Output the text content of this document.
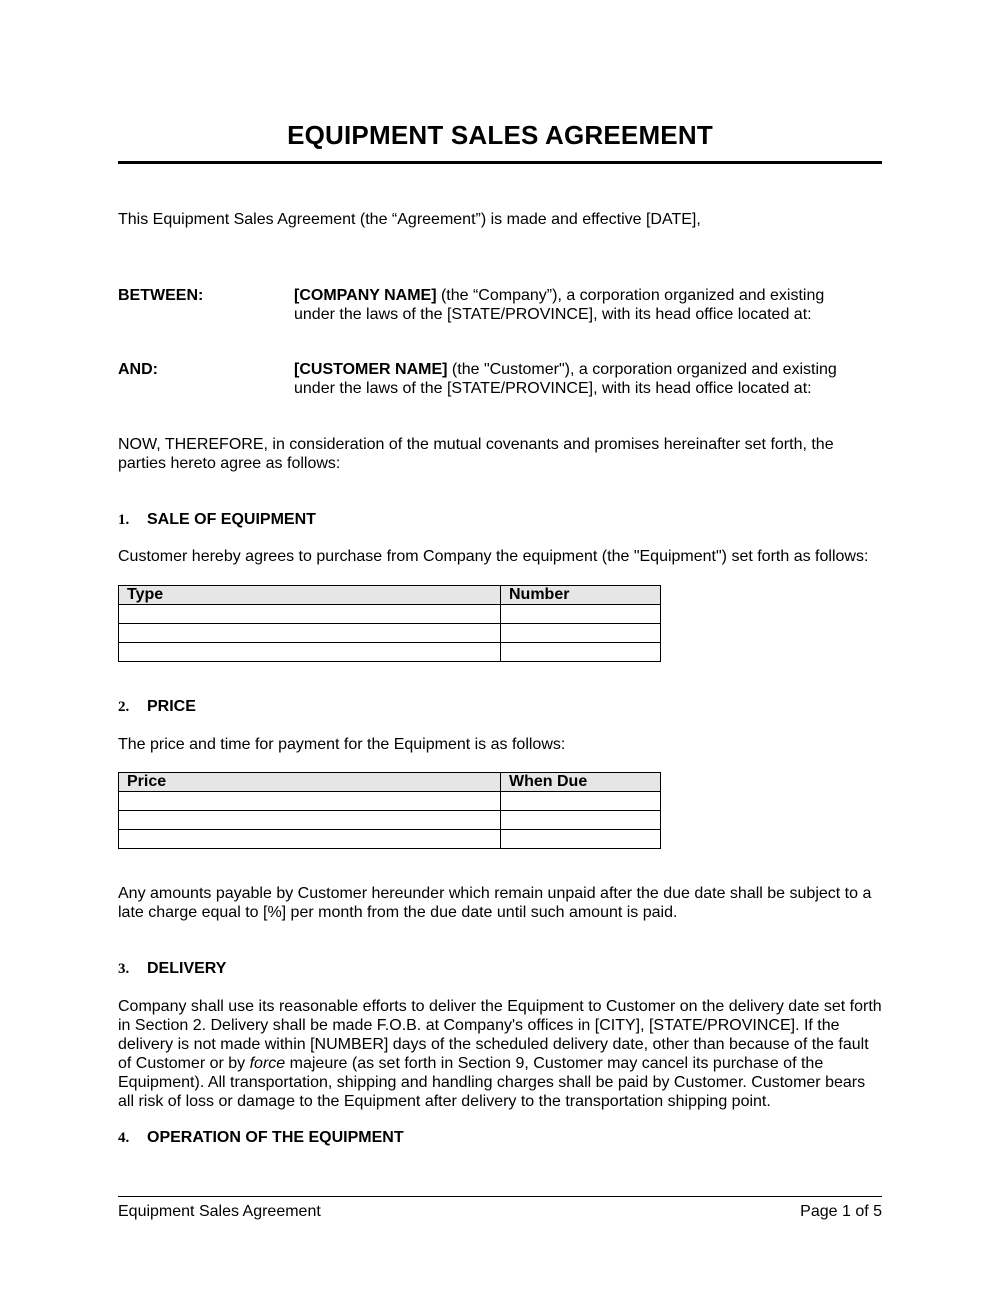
EQUIPMENT SALES AGREEMENT

This Equipment Sales Agreement (the “Agreement”) is made and effective [DATE],

BETWEEN:	[COMPANY NAME] (the “Company”), a corporation organized and existing
under the laws of the [STATE/PROVINCE], with its head office located at:
AND:	[CUSTOMER NAME] (the "Customer"), a corporation organized and existing
under the laws of the [STATE/PROVINCE], with its head office located at:

NOW, THEREFORE, in consideration of the mutual covenants and promises hereinafter set forth, the parties hereto agree as follows:

1. SALE OF EQUIPMENT

Customer hereby agrees to purchase from Company the equipment (the "Equipment") set forth as follows:

Type	Number

2. PRICE

The price and time for payment for the Equipment is as follows:

Price	When Due

Any amounts payable by Customer hereunder which remain unpaid after the due date shall be subject to a late charge equal to [%] per month from the due date until such amount is paid.

3. DELIVERY

Company shall use its reasonable efforts to deliver the Equipment to Customer on the delivery date set forth in Section 2. Delivery shall be made F.O.B. at Company's offices in [CITY], [STATE/PROVINCE]. If the delivery is not made within [NUMBER] days of the scheduled delivery date, other than because of the fault of Customer or by force majeure (as set forth in Section 9, Customer may cancel its purchase of the Equipment). All transportation, shipping and handling charges shall be paid by Customer. Customer bears all risk of loss or damage to the Equipment after delivery to the transportation shipping point.

4. OPERATION OF THE EQUIPMENT
Equipment Sales Agreement	Page 1 of 5
